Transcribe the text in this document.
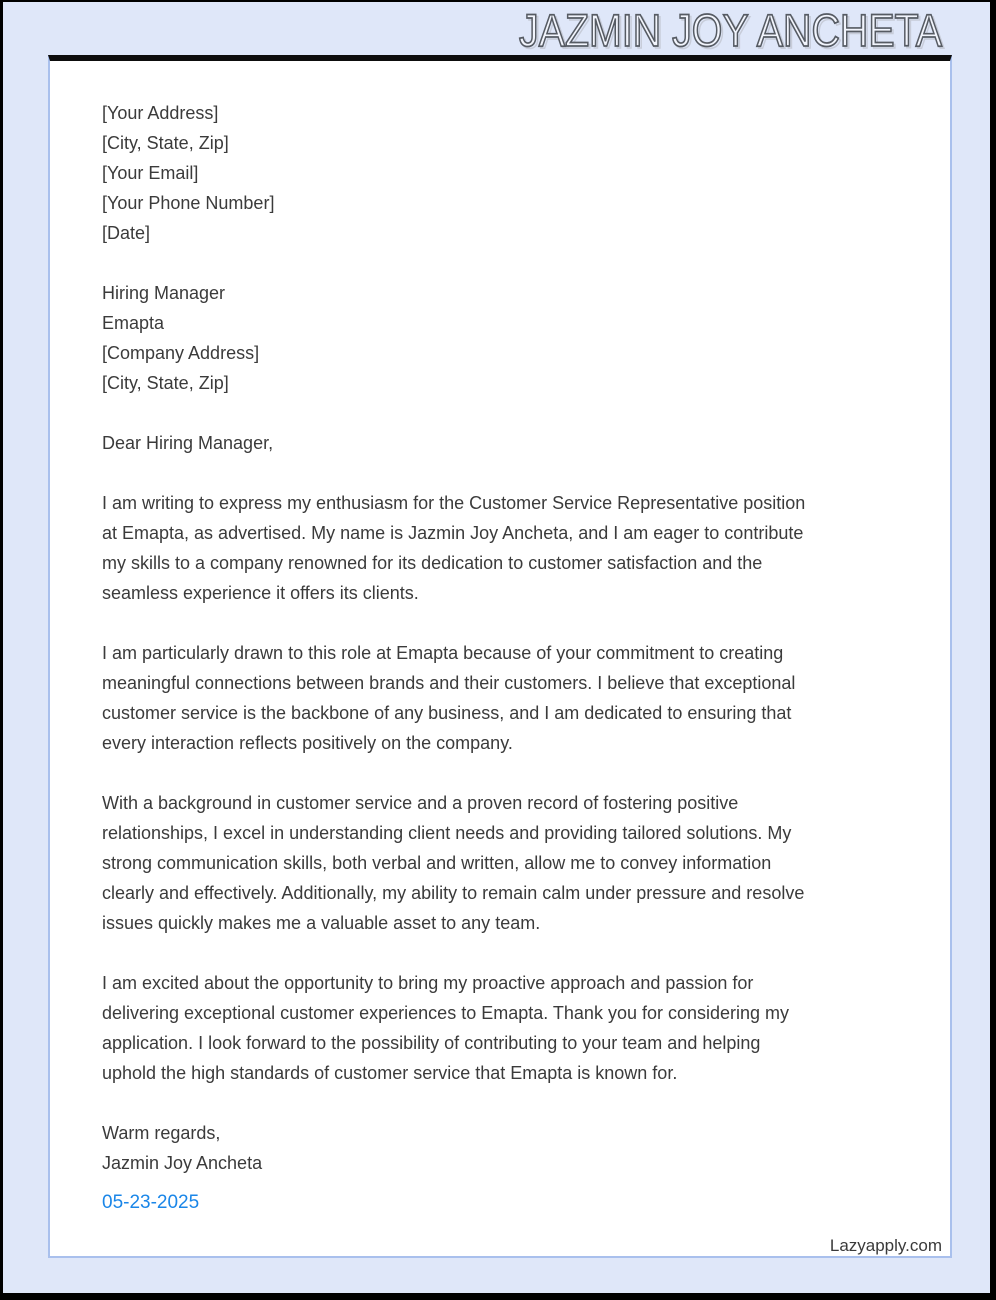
JAZMIN JOY ANCHETA
JAZMIN JOY ANCHETA
[Your Address]
[City, State, Zip]
[Your Email]
[Your Phone Number]
[Date]
Hiring Manager
Emapta
[Company Address]
[City, State, Zip]

Dear Hiring Manager,

I am writing to express my enthusiasm for the Customer Service Representative position
at Emapta, as advertised. My name is Jazmin Joy Ancheta, and I am eager to contribute
my skills to a company renowned for its dedication to customer satisfaction and the
seamless experience it offers its clients.

I am particularly drawn to this role at Emapta because of your commitment to creating
meaningful connections between brands and their customers. I believe that exceptional
customer service is the backbone of any business, and I am dedicated to ensuring that
every interaction reflects positively on the company.

With a background in customer service and a proven record of fostering positive
relationships, I excel in understanding client needs and providing tailored solutions. My
strong communication skills, both verbal and written, allow me to convey information
clearly and effectively. Additionally, my ability to remain calm under pressure and resolve
issues quickly makes me a valuable asset to any team.

I am excited about the opportunity to bring my proactive approach and passion for
delivering exceptional customer experiences to Emapta. Thank you for considering my
application. I look forward to the possibility of contributing to your team and helping
uphold the high standards of customer service that Emapta is known for.

Warm regards,
Jazmin Joy Ancheta

05-23-2025

Lazyapply.com
